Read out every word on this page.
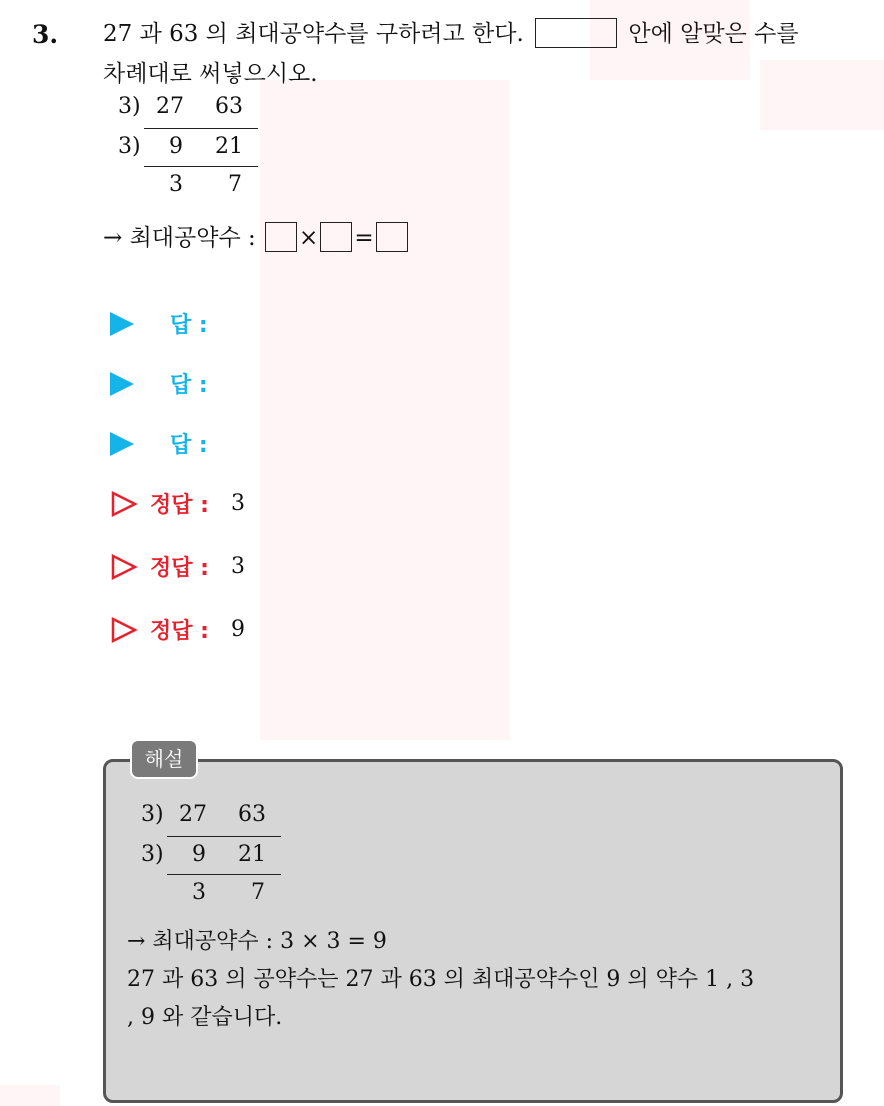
3. 27 과 63 의 최대공약수를 구하려고 한다.	안에 알맞은 수를
차례대로 써넣으시오.
3) 27 63
3) 9 21
3 7
→ 최대공약수 : × =
답 :
답 :
답 :
정답 : 3
정답 : 3
정답 : 9
해설
3) 27 63
3) 9 21
3 7
→ 최대공약수 : 3 × 3 = 9
27 과 63 의 공약수는 27 과 63 의 최대공약수인 9 의 약수 1 , 3
, 9 와 같습니다.
